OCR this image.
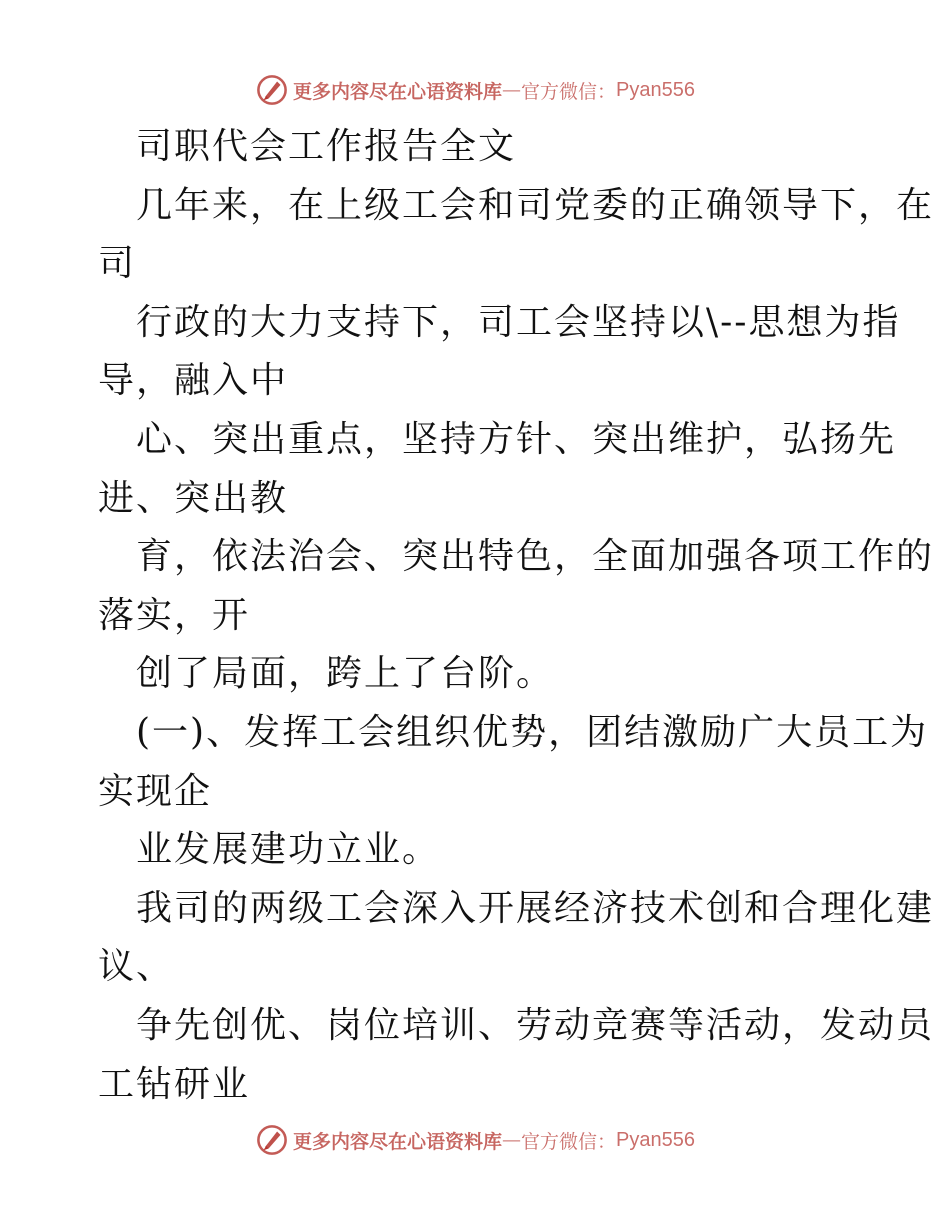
更多内容尽在心语资料库 — 官方微信： Pyan556
司职代会工作报告全文
几年来，在上级工会和司党委的正确领导下，在
司
行政的大力支持下，司工会坚持以\--思想为指
导，融入中
心、突出重点，坚持方针、突出维护，弘扬先
进、突出教
育，依法治会、突出特色，全面加强各项工作的
落实，开
创了局面，跨上了台阶。
(一)、发挥工会组织优势，团结激励广大员工为
实现企
业发展建功立业。
我司的两级工会深入开展经济技术创和合理化建
议、
争先创优、岗位培训、劳动竞赛等活动，发动员
工钻研业
更多内容尽在心语资料库 — 官方微信： Pyan556
